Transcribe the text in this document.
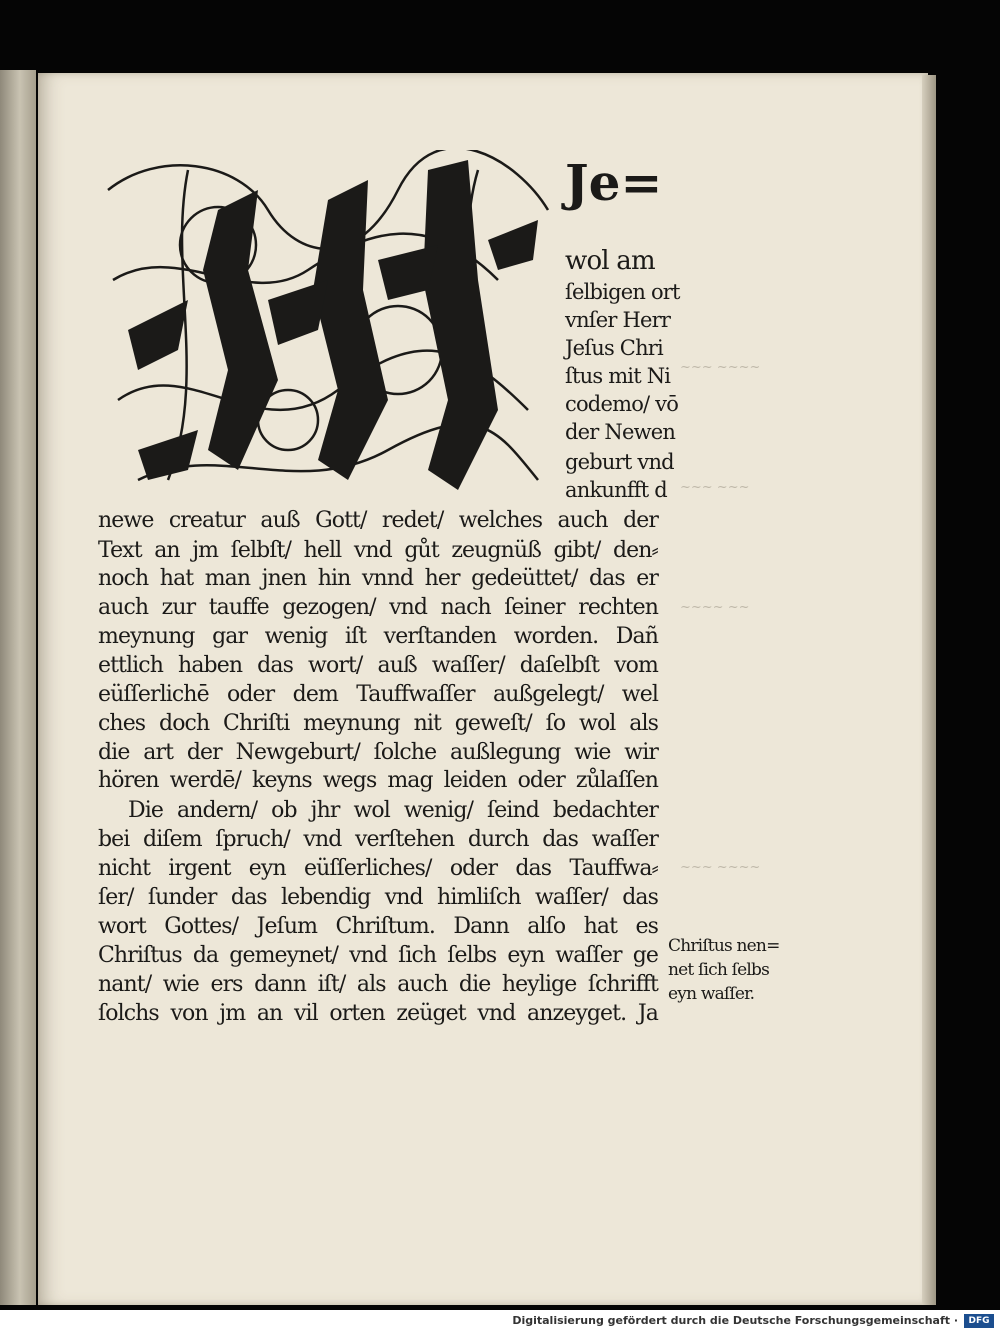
~~~ ~~~~
~~~ ~~~
~~~~ ~~
~~~ ~~~~
Je=
wol am
ſelbigen ort
vnſer Herr
Jeſus Chri
ſtus mit Ni
codemo/ vō
der Newen
geburt vnd
ankunfft d
newe creatur auß Gott/ redet/ welches auch der
Text an jm ſelbſt/ hell vnd gůt zeugnüß gibt/ den⸗
noch hat man jnen hin vnnd her gedeüttet/ das er
auch zur tauffe gezogen/ vnd nach ſeiner rechten
meynung gar wenig iſt verſtanden worden. Dañ
ettlich haben das wort/ auß waſſer/ daſelbſt vom
eüſſerlichē oder dem Tauffwaſſer außgelegt/ wel
ches doch Chriſti meynung nit geweſt/ ſo wol als
die art der Newgeburt/ ſolche außlegung wie wir
hören werdē/ keyns wegs mag leiden oder zůlaſſen
Die andern/ ob jhr wol wenig/ ſeind bedachter
bei diſem ſpruch/ vnd verſtehen durch das waſſer
nicht irgent eyn eüſſerliches/ oder das Tauffwa⸗
ſer/ ſunder das lebendig vnd himliſch waſſer/ das
wort Gottes/ Jeſum Chriſtum. Dann alſo hat es
Chriſtus da gemeynet/ vnd ſich ſelbs eyn waſſer ge
nant/ wie ers dann iſt/ als auch die heylige ſchrifft
ſolchs von jm an vil orten zeüget vnd anzeyget. Ja
Chriſtus nen=
net ſich ſelbs
eyn waſſer.
Digitalisierung gefördert durch die Deutsche Forschungsgemeinschaft ·	DFG
